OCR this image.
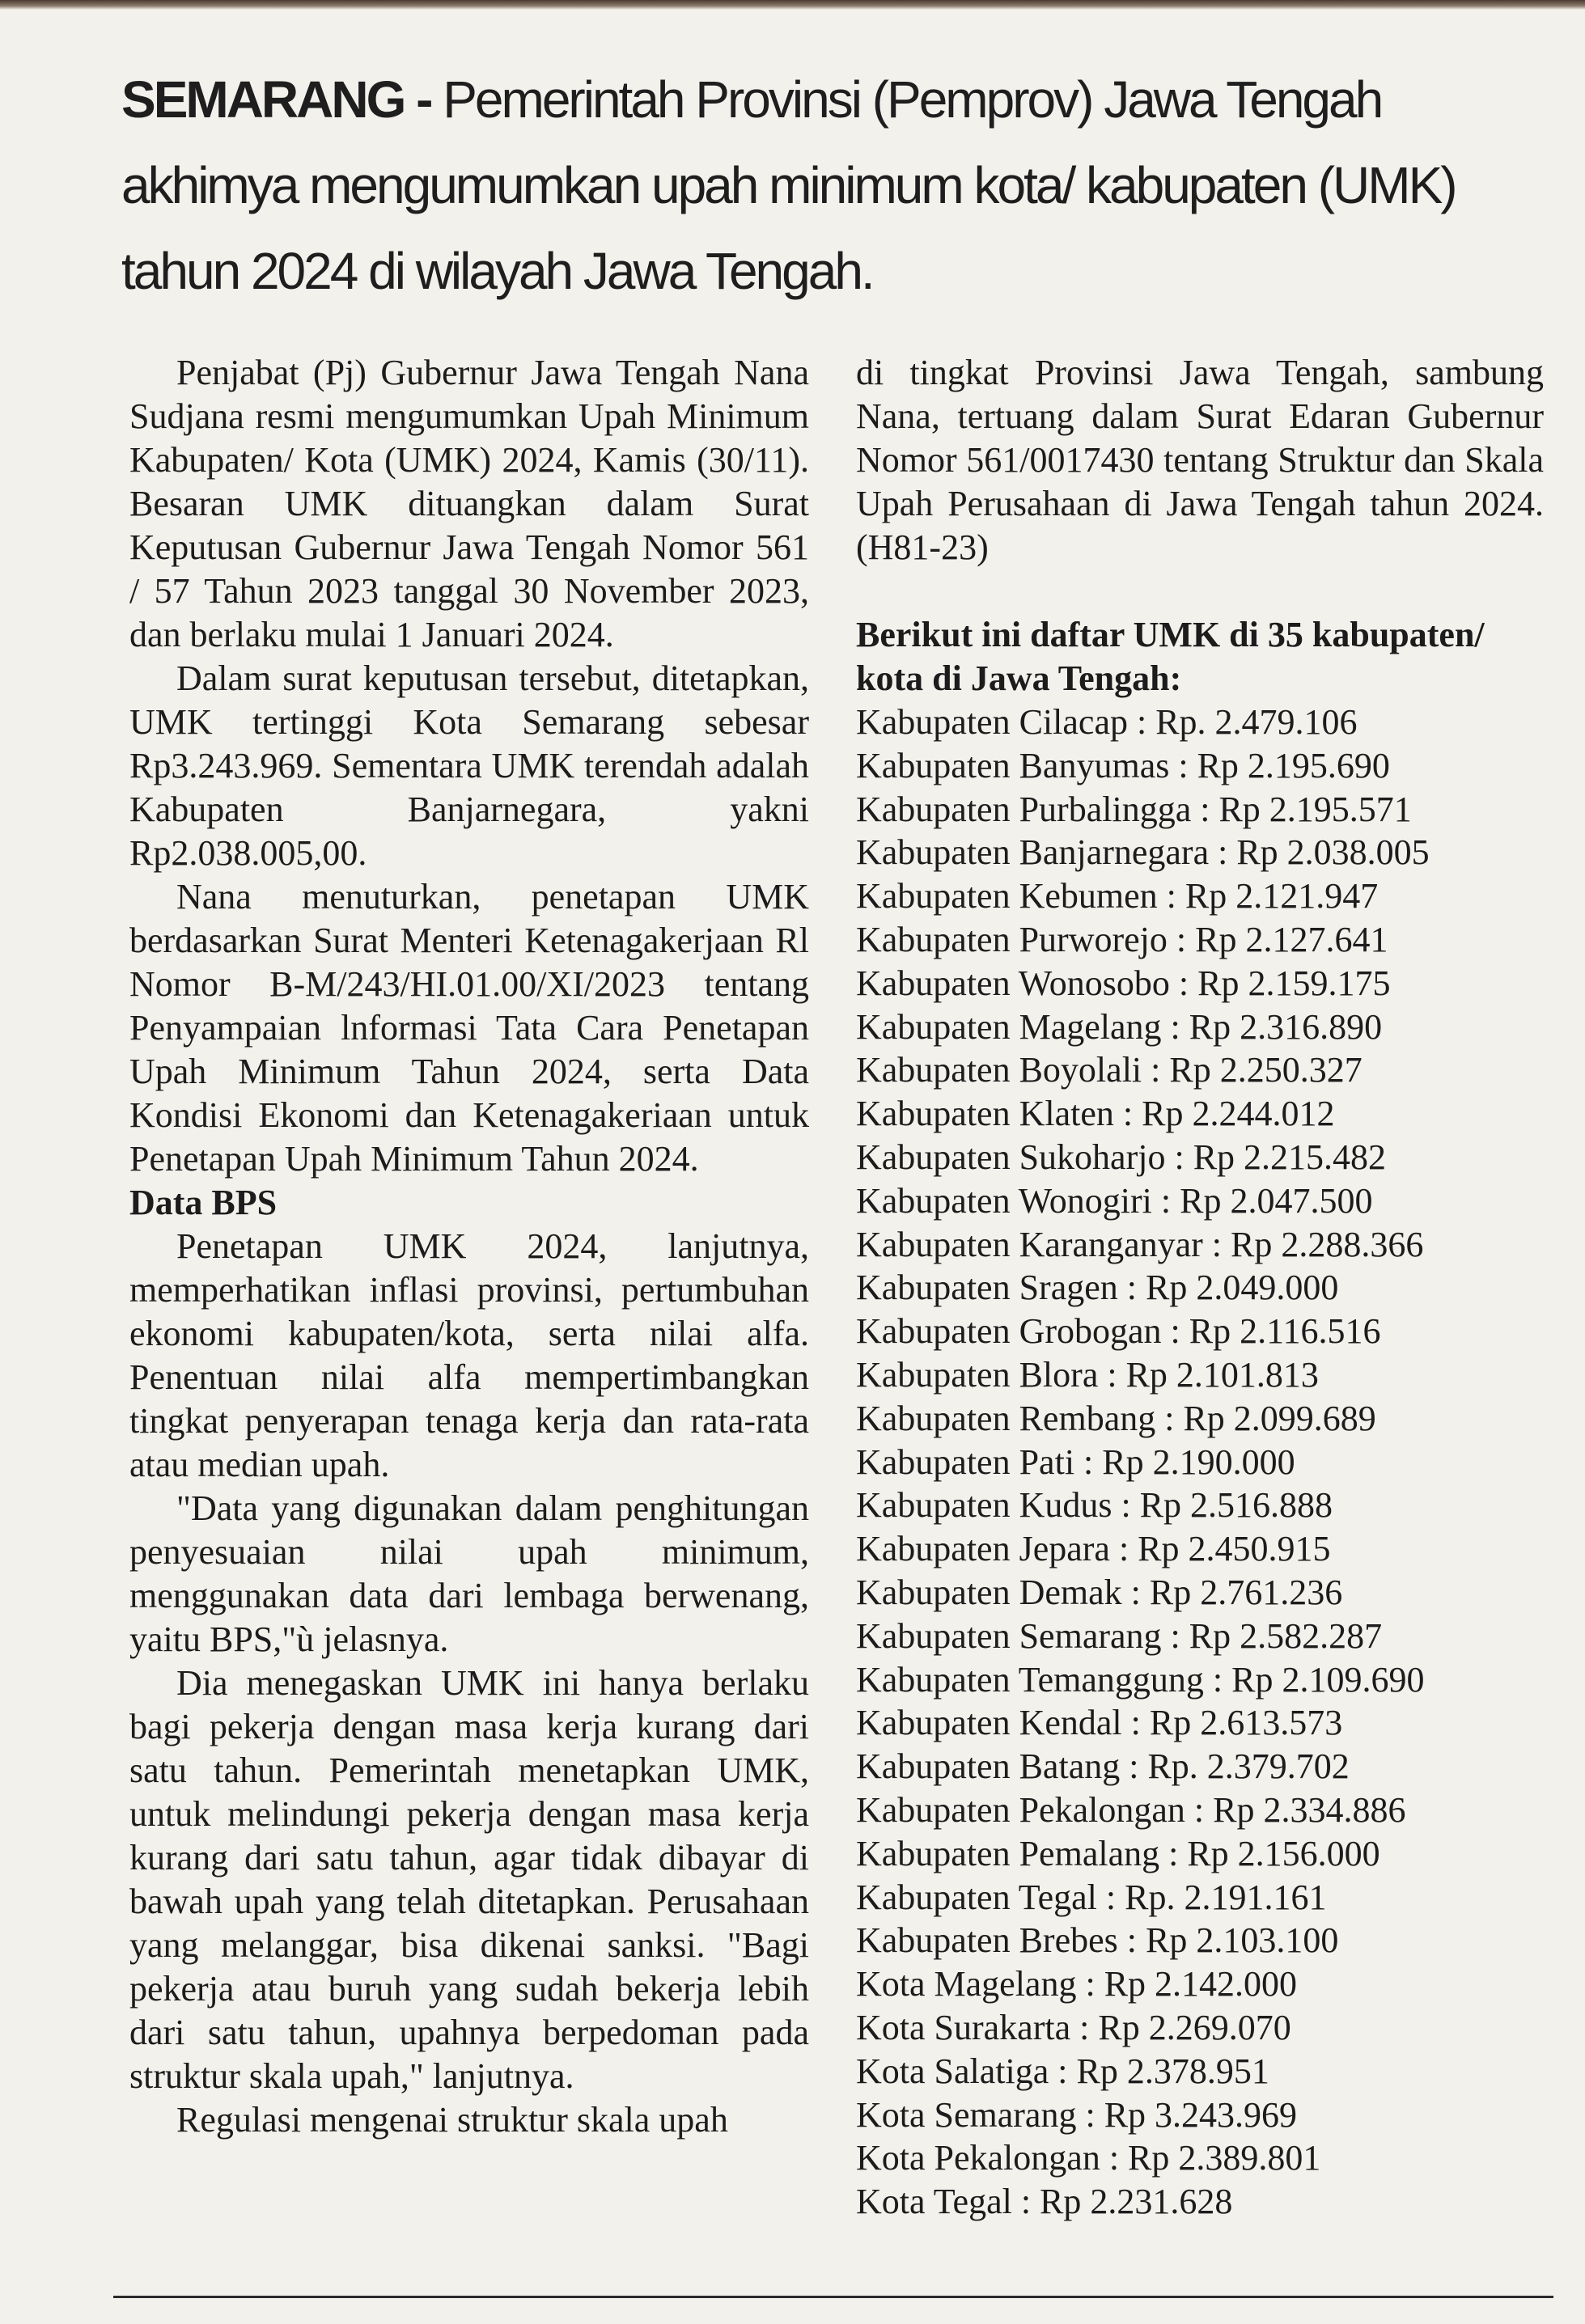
SEMARANG - Pemerintah Provinsi (Pemprov) Jawa Tengah akhimya mengumumkan upah minimum kota/ kabupaten (UMK) tahun 2024 di wilayah Jawa Tengah.

Penjabat (Pj) Gubernur Jawa Tengah Nana Sudjana resmi mengumumkan Upah Minimum Kabupaten/ Kota (UMK) 2024, Kamis (30/11). Besaran UMK dituangkan dalam Surat Keputusan Gubernur Jawa Tengah Nomor 561 / 57 Tahun 2023 tanggal 30 November 2023, dan berlaku mulai 1 Januari 2024.

Dalam surat keputusan tersebut, ditetapkan, UMK tertinggi Kota Semarang sebesar Rp3.243.969. Sementara UMK terendah adalah Kabupaten Banjarnegara, yakni Rp2.038.005,00.

Nana menuturkan, penetapan UMK berdasarkan Surat Menteri Ketenagakerjaan Rl Nomor B-M/243/HI.01.00/XI/2023 tentang Penyampaian lnformasi Tata Cara Penetapan Upah Minimum Tahun 2024, serta Data Kondisi Ekonomi dan Ketenagakeriaan untuk Penetapan Upah Minimum Tahun 2024.

Data BPS

Penetapan UMK 2024, lanjutnya, memperhatikan inflasi provinsi, pertumbuhan ekonomi kabupaten/kota, serta nilai alfa. Penentuan nilai alfa mempertimbangkan tingkat penyerapan tenaga kerja dan rata-rata atau median upah.

"Data yang digunakan dalam penghitungan penyesuaian nilai upah minimum, menggunakan data dari lembaga berwenang, yaitu BPS,"ù jelasnya.

Dia menegaskan UMK ini hanya berlaku bagi pekerja dengan masa kerja kurang dari satu tahun. Pemerintah menetapkan UMK, untuk melindungi pekerja dengan masa kerja kurang dari satu tahun, agar tidak dibayar di bawah upah yang telah ditetapkan. Perusahaan yang melanggar, bisa dikenai sanksi. "Bagi pekerja atau buruh yang sudah bekerja lebih dari satu tahun, upahnya berpedoman pada struktur skala upah," lanjutnya.

Regulasi mengenai struktur skala upah

di tingkat Provinsi Jawa Tengah, sambung Nana, tertuang dalam Surat Edaran Gubernur Nomor 561/0017430 tentang Struktur dan Skala Upah Perusahaan di Jawa Tengah tahun 2024. (H81-23)

Berikut ini daftar UMK di 35 kabupaten/ kota di Jawa Tengah:

Kabupaten Cilacap : Rp. 2.479.106
Kabupaten Banyumas : Rp 2.195.690
Kabupaten Purbalingga : Rp 2.195.571
Kabupaten Banjarnegara : Rp 2.038.005
Kabupaten Kebumen : Rp 2.121.947
Kabupaten Purworejo : Rp 2.127.641
Kabupaten Wonosobo : Rp 2.159.175
Kabupaten Magelang : Rp 2.316.890
Kabupaten Boyolali : Rp 2.250.327
Kabupaten Klaten : Rp 2.244.012
Kabupaten Sukoharjo : Rp 2.215.482
Kabupaten Wonogiri : Rp 2.047.500
Kabupaten Karanganyar : Rp 2.288.366
Kabupaten Sragen : Rp 2.049.000
Kabupaten Grobogan : Rp 2.116.516
Kabupaten Blora : Rp 2.101.813
Kabupaten Rembang : Rp 2.099.689
Kabupaten Pati : Rp 2.190.000
Kabupaten Kudus : Rp 2.516.888
Kabupaten Jepara : Rp 2.450.915
Kabupaten Demak : Rp 2.761.236
Kabupaten Semarang : Rp 2.582.287
Kabupaten Temanggung : Rp 2.109.690
Kabupaten Kendal : Rp 2.613.573
Kabupaten Batang : Rp. 2.379.702
Kabupaten Pekalongan : Rp 2.334.886
Kabupaten Pemalang : Rp 2.156.000
Kabupaten Tegal : Rp. 2.191.161
Kabupaten Brebes : Rp 2.103.100
Kota Magelang : Rp 2.142.000
Kota Surakarta : Rp 2.269.070
Kota Salatiga : Rp 2.378.951
Kota Semarang : Rp 3.243.969
Kota Pekalongan : Rp 2.389.801
Kota Tegal : Rp 2.231.628
